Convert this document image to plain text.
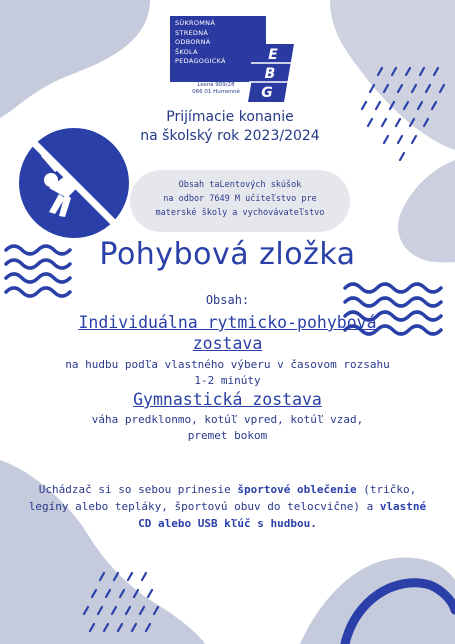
SÚKROMNÁ
STREDNÁ
ODBORNÁ
ŠKOLA
PEDAGOGICKÁ	E
B
G
Lesná 909/28
066 01 Humenné
Prijímacie konanie
na školský rok 2023/2024
Obsah taLentových skúšok
na odbor 7649 M učiteľstvo pre
materské školy a vychovávateľstvo
Pohybová zložka
Obsah:
Individuálna rytmicko-pohybová
zostava
na hudbu podľa vlastného výberu v časovom rozsahu
1-2 minúty
Gymnastická zostava
váha predklonmo, kotúľ vpred, kotúľ vzad,
premet bokom
Uchádzač si so sebou prinesie športové oblečenie (tričko, legíny alebo tepláky, športovú obuv do telocvične) a vlastné CD alebo USB kľúč s hudbou.
